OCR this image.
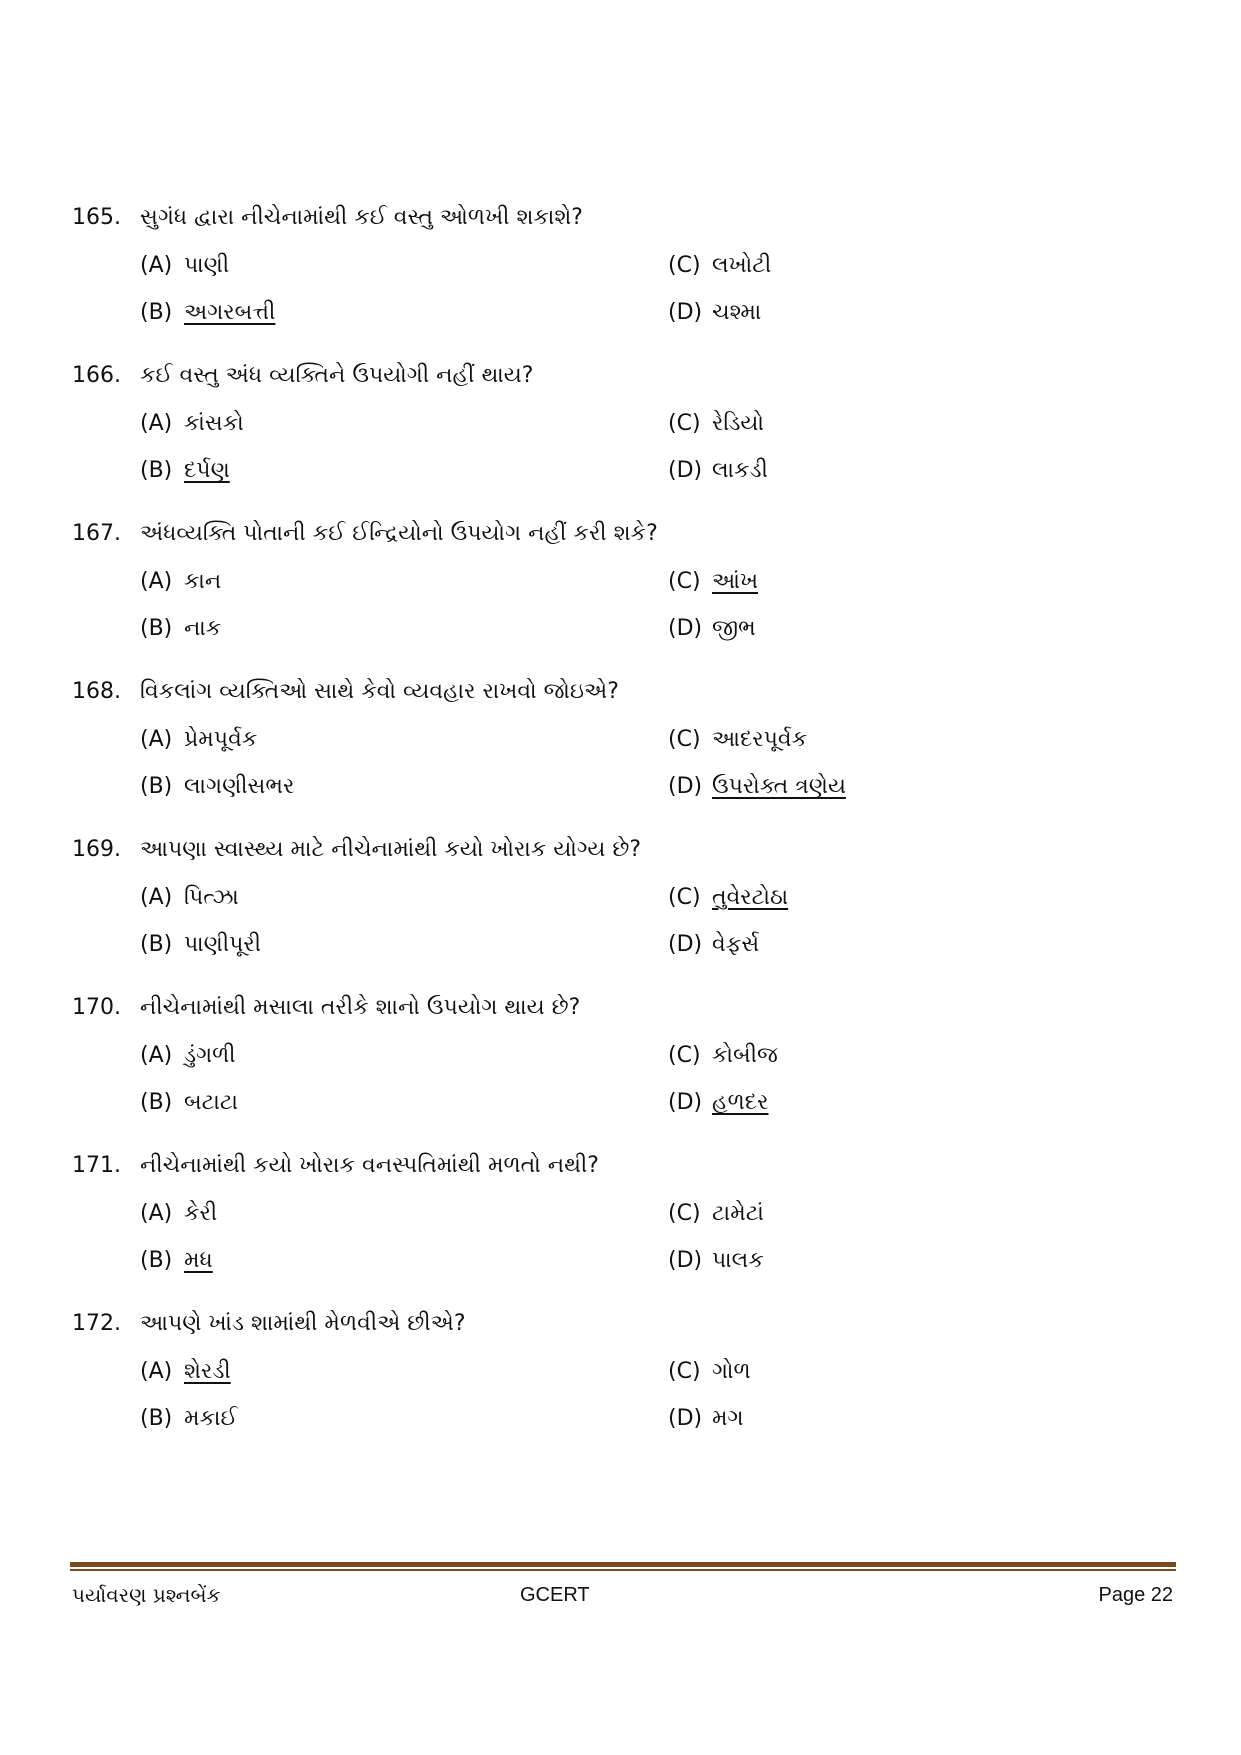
165. સુગંધ દ્વારા નીચેનામાંથી કઈ વસ્તુ ઓળખી શકાશે?
(A) પાણી
(B) અગરબત્તી
(C) લખોટી
(D) ચશ્મા
166. કઈ વસ્તુ અંધ વ્યક્તિને ઉપયોગી નહીં થાય?
(A) કાંસકો
(B) દર્પણ
(C) રેડિયો
(D) લાકડી
167. અંધવ્યક્તિ પોતાની કઈ ઈન્દ્રિયોનો ઉપયોગ નહીં કરી શકે?
(A) કાન
(B) નાક
(C) આંખ
(D) જીભ
168. વિકલાંગ વ્યક્તિઓ સાથે કેવો વ્યવહાર રાખવો જોઇએ?
(A) પ્રેમપૂર્વક
(B) લાગણીસભર
(C) આદરપૂર્વક
(D) ઉપરોક્ત ત્રણેય
169. આપણા સ્વાસ્થ્ય માટે નીચેનામાંથી કયો ખોરાક યોગ્ય છે?
(A) પિત્ઝા
(B) પાણીપૂરી
(C) તુવેરટોઠા
(D) વેફર્સ
170. નીચેનામાંથી મસાલા તરીકે શાનો ઉપયોગ થાય છે?
(A) ડુંગળી
(B) બટાટા
(C) કોબીજ
(D) હળદર
171. નીચેનામાંથી કયો ખોરાક વનસ્પતિમાંથી મળતો નથી?
(A) કેરી
(B) મધ
(C) ટામેટાં
(D) પાલક
172. આપણે ખાંડ શામાંથી મેળવીએ છીએ?
(A) શેરડી
(B) મકાઈ
(C) ગોળ
(D) મગ
પર્યાવરણ પ્રશ્નબેંક	GCERT	Page 22
